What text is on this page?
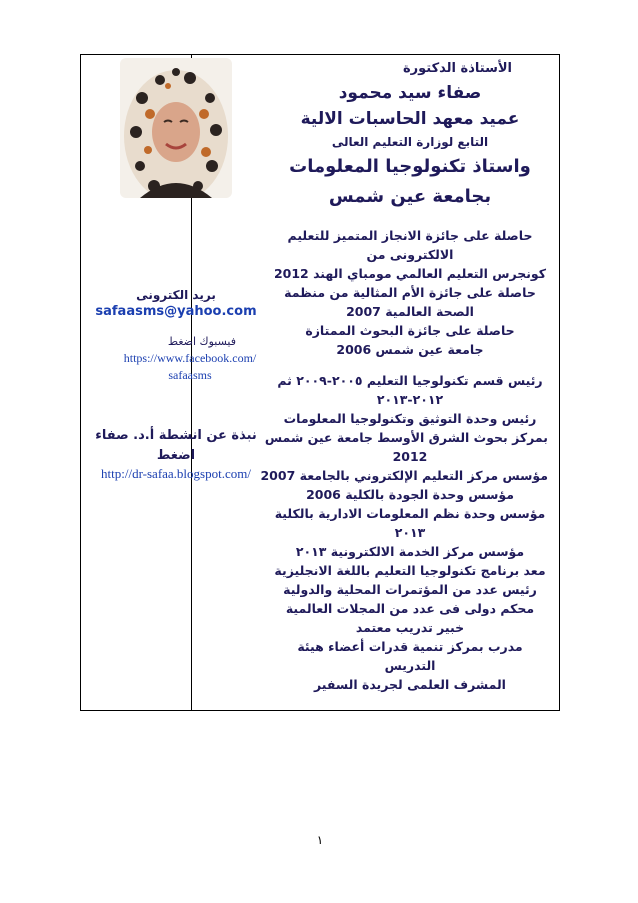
بريد الكترونى
safaasms@yahoo.com
فيسبوك اضغط
https://www.facebook.com/
safaasms
نبذة عن انشطة أ.د. صفاء
اضغط
http://dr-safaa.blogspot.com/
الأستاذة الدكتورة
صفاء سيد محمود
عميد معهد الحاسبات الالية
التابع لوزارة التعليم العالى
واستاذ تكنولوجيا المعلومات
بجامعة عين شمس
حاصلة على جائزة الانجاز المتميز للتعليم
الالكترونى من
كونجرس التعليم العالمي مومباي الهند 2012
حاصلة على جائزة الأم المثالية من منظمة
الصحة العالمية 2007
حاصلة على جائزة البحوث الممتازة
جامعة عين شمس 2006
رئيس قسم تكنولوجيا التعليم ٢٠٠٥-٢٠٠٩ ثم
٢٠١٢-٢٠١٣
رئيس وحدة التوثيق وتكنولوجيا المعلومات
بمركز بحوث الشرق الأوسط جامعة عين شمس
2012
مؤسس مركز التعليم الإلكتروني بالجامعة 2007
مؤسس وحدة الجودة بالكلية 2006
مؤسس وحدة نظم المعلومات الادارية بالكلية
٢٠١٣
مؤسس مركز الخدمة الالكترونية ٢٠١٣
معد برنامج تكنولوجيا التعليم باللغة الانجليزية
رئيس عدد من المؤتمرات المحلية والدولية
محكم دولى فى عدد من المجلات العالمية
خبير تدريب معتمد
مدرب بمركز تنمية قدرات أعضاء هيئة
التدريس
المشرف العلمى لجريدة السفير
١
